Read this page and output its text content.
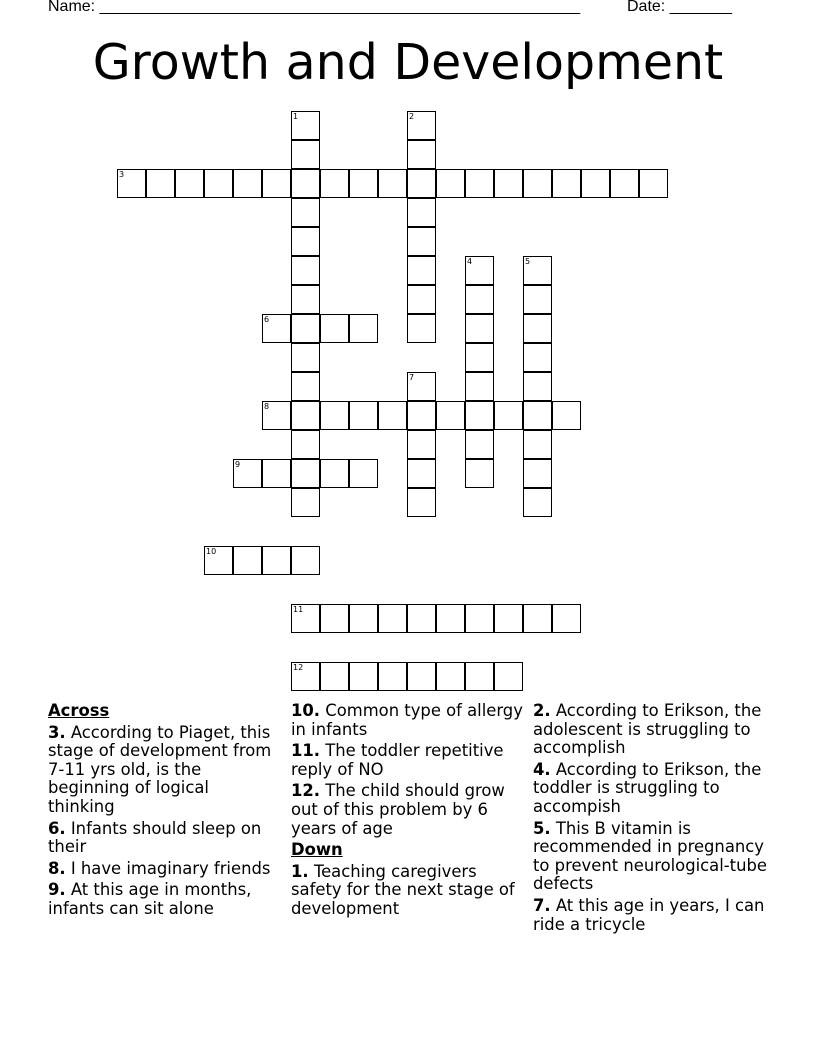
Name: ______________________________________________________	Date: _______
Growth and Development
1	2
3
4	5
6
7
8
9
10
11
12
Across
3. According to Piaget, this stage of development from 7-11 yrs old, is the beginning of logical thinking
6. Infants should sleep on their
8. I have imaginary friends
9. At this age in months, infants can sit alone
10. Common type of allergy in infants
11. The toddler repetitive reply of NO
12. The child should grow out of this problem by 6 years of age
Down
1. Teaching caregivers safety for the next stage of development
2. According to Erikson, the adolescent is struggling to accomplish
4. According to Erikson, the toddler is struggling to accompish
5. This B vitamin is recommended in pregnancy to prevent neurological-tube defects
7. At this age in years, I can ride a tricycle
